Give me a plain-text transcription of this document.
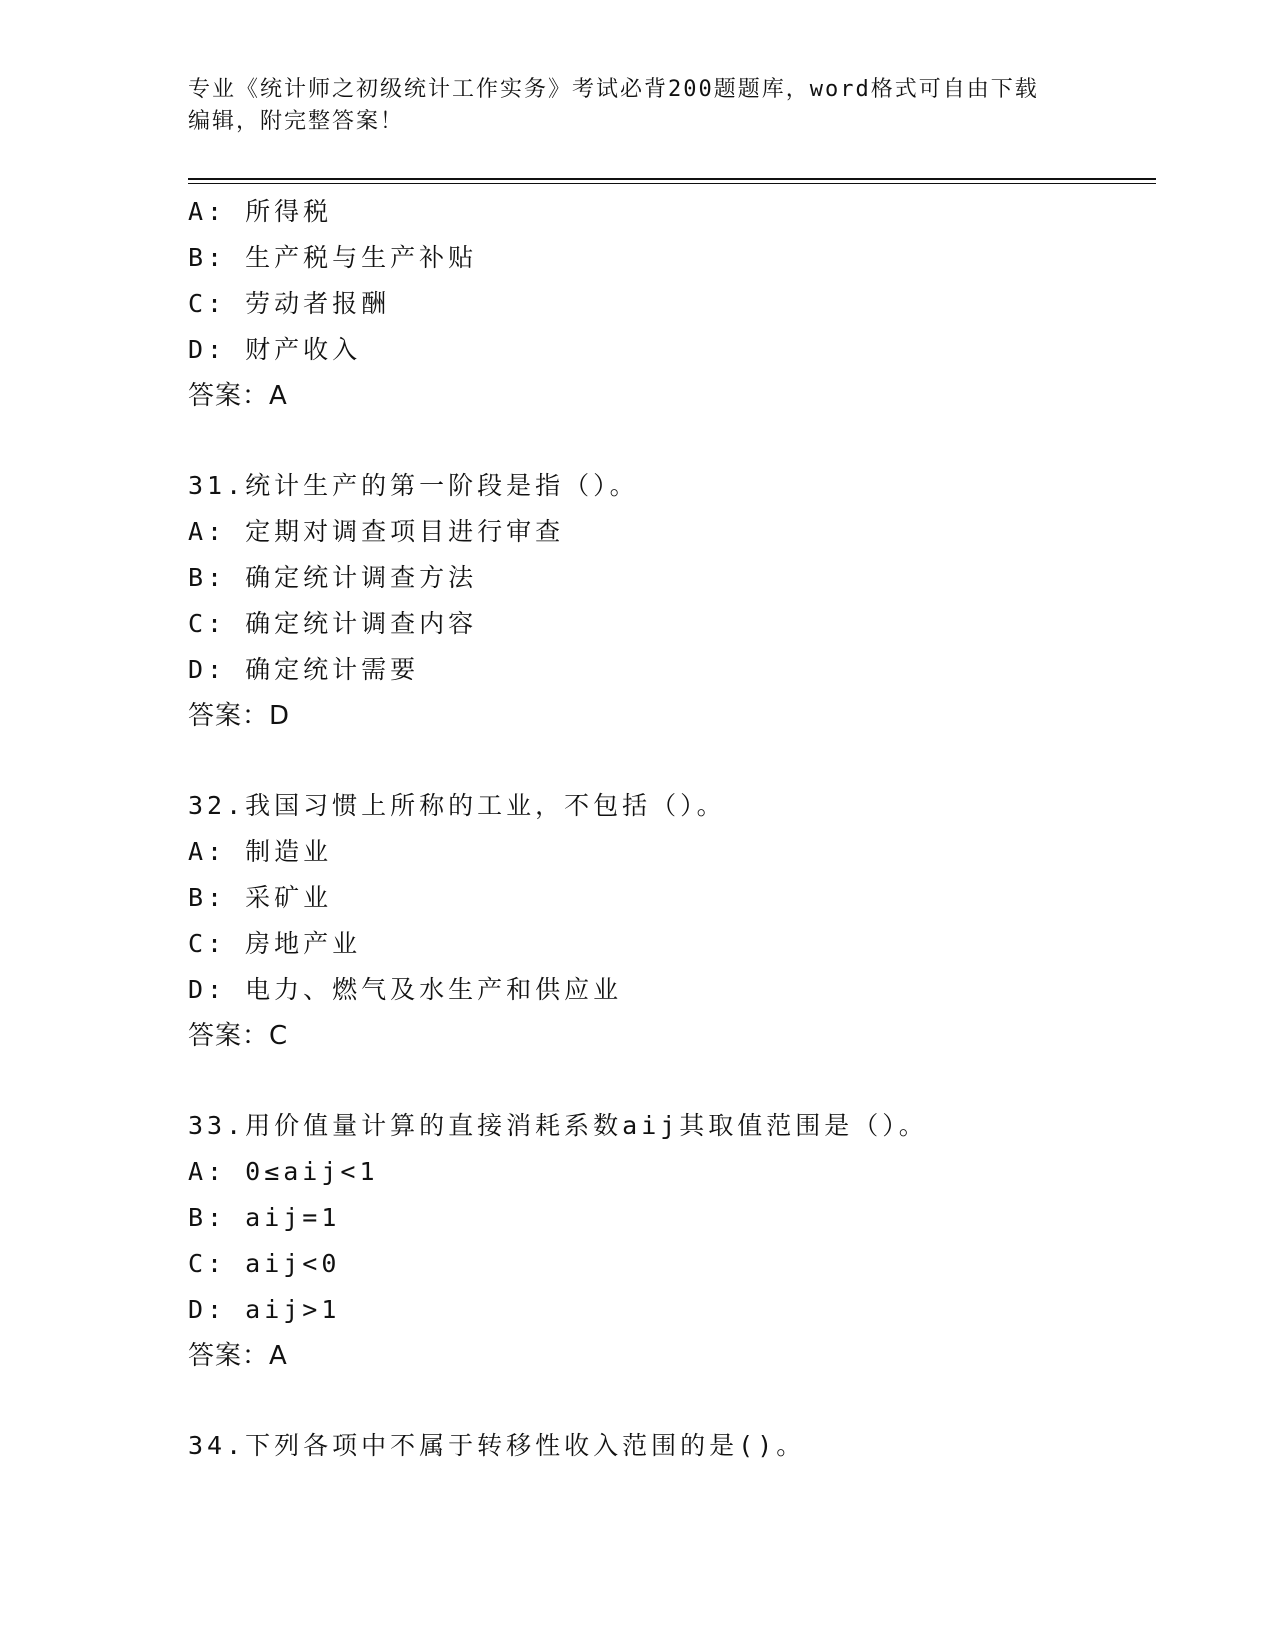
专业《统计师之初级统计工作实务》考试必背200题题库，word格式可自由下载
编辑，附完整答案！
A: 所得税
B: 生产税与生产补贴
C: 劳动者报酬
D: 财产收入
答案：A
31.统计生产的第一阶段是指（）。
A: 定期对调查项目进行审查
B: 确定统计调查方法
C: 确定统计调查内容
D: 确定统计需要
答案：D
32.我国习惯上所称的工业，不包括（）。
A: 制造业
B: 采矿业
C: 房地产业
D: 电力、燃气及水生产和供应业
答案：C
33.用价值量计算的直接消耗系数aij其取值范围是（）。
A: 0≤aij<1
B: aij=1
C: aij<0
D: aij>1
答案：A
34.下列各项中不属于转移性收入范围的是()。
